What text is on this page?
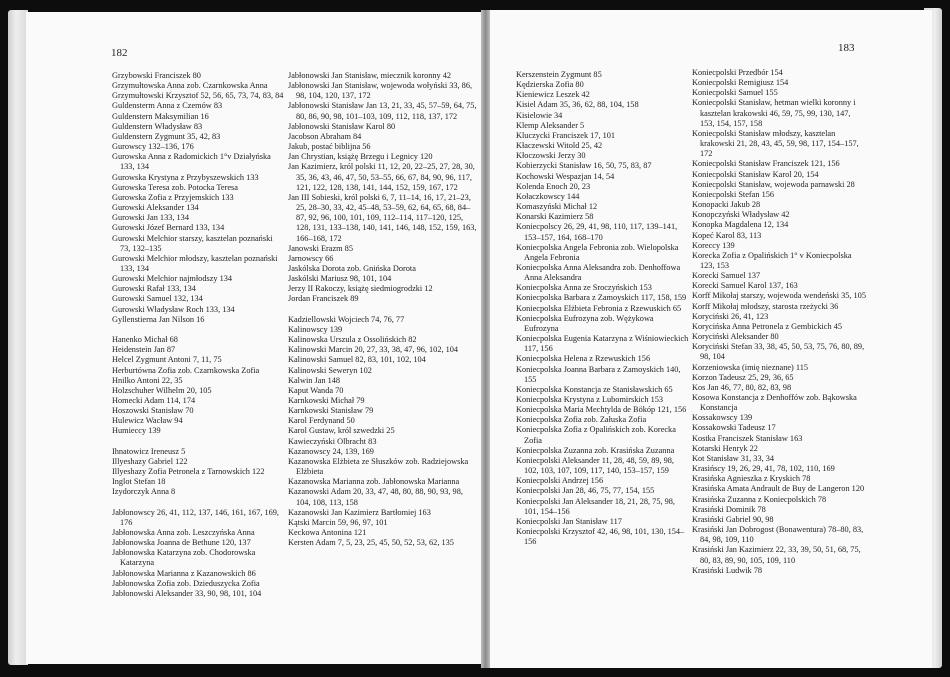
182
Grzybowski Franciszek 80
Grzymułtowska Anna zob. Czarnkowska Anna
Grzymułtowski Krzysztof 52, 56, 65, 73, 74, 83, 84
Guldensterm Anna z Czemów 83
Guldenstern Maksymilian 16
Guldenstern Władysław 83
Guldenstern Zygmunt 35, 42, 83
Gurowscy 132–136, 176
Gurowska Anna z Radomickich 1°v Działyńska 133, 134
Gurowska Krystyna z Przybyszewskich 133
Gurowska Teresa zob. Potocka Teresa
Gurowska Zofia z Przyjemskich 133
Gurowski Aleksander 134
Gurowski Jan 133, 134
Gurowski Józef Bernard 133, 134
Gurowski Melchior starszy, kasztelan poznański 73, 132–135
Gurowski Melchior młodszy, kasztelan poznański 133, 134
Gurowski Melchior najmłodszy 134
Gurowski Rafał 133, 134
Gurowski Samuel 132, 134
Gurowski Władysław Roch 133, 134
Gyllenstierna Jan Nilson 16
Hanenko Michał 68
Heidenstein Jan 87
Helcel Zygmunt Antoni 7, 11, 75
Herburtówna Zofia zob. Czarnkowska Zofia
Hnilko Antoni 22, 35
Holzschuher Wilhelm 20, 105
Homecki Adam 114, 174
Hoszowski Stanisław 70
Hulewicz Wacław 94
Humieccy 139
Ihnatowicz Ireneusz 5
Illyeshazy Gabriel 122
Illyeshazy Zofia Petronela z Tarnowskich 122
Inglot Stefan 18
Izydorczyk Anna 8
Jabłonowscy 26, 41, 112, 137, 146, 161, 167, 169, 176
Jabłonowska Anna zob. Leszczyńska Anna
Jabłonowska Joanna de Bethune 120, 137
Jabłonowska Katarzyna zob. Chodorowska Katarzyna
Jabłonowska Marianna z Kazanowskich 86
Jabłonowska Zofia zob. Dzieduszycka Zofia
Jabłonowski Aleksander 33, 90, 98, 101, 104
Jabłonowski Jan Stanisław, miecznik koronny 42
Jabłonowski Jan Stanisław, wojewoda wołyński 33, 86, 98, 104, 120, 137, 172
Jabłonowski Stanisław Jan 13, 21, 33, 45, 57–59, 64, 75, 80, 86, 90, 98, 101–103, 109, 112, 118, 137, 172
Jabłonowski Stanisław Karol 80
Jacobson Abraham 84
Jakub, postać biblijna 56
Jan Chrystian, książę Brzegu i Legnicy 120
Jan Kazimierz, król polski 11, 12, 20, 22–25, 27, 28, 30, 35, 36, 43, 46, 47, 50, 53–55, 66, 67, 84, 90, 96, 117, 121, 122, 128, 138, 141, 144, 152, 159, 167, 172
Jan III Sobieski, król polski 6, 7, 11–14, 16, 17, 21–23, 25, 28–30, 33, 42, 45–48, 53–59, 62, 64, 65, 68, 84–87, 92, 96, 100, 101, 109, 112–114, 117–120, 125, 128, 131, 133–138, 140, 141, 146, 148, 152, 159, 163, 166–168, 172
Janowski Erazm 85
Jarnowscy 66
Jaskólska Dorota zob. Gnińska Dorota
Jaskólski Mariusz 98, 101, 104
Jerzy II Rakoczy, książę siedmiogrodzki 12
Jordan Franciszek 89
Kadziellowski Wojciech 74, 76, 77
Kalinowscy 139
Kalinowska Urszula z Ossolińskich 82
Kalinowski Marcin 20, 27, 33, 38, 47, 96, 102, 104
Kalinowski Samuel 82, 83, 101, 102, 104
Kalinowski Seweryn 102
Kalwin Jan 148
Kaput Wanda 70
Karnkowski Michał 79
Karnkowski Stanisław 79
Karol Ferdynand 50
Karol Gustaw, król szwedzki 25
Kawieczyński Olbracht 83
Kazanowscy 24, 139, 169
Kazanowska Elżbieta ze Słuszków zob. Radziejowska Elżbieta
Kazanowska Marianna zob. Jabłonowska Marianna
Kazanowski Adam 20, 33, 47, 48, 80, 88, 90, 93, 98, 104, 108, 113, 158
Kazanowski Jan Kazimierz Bartłomiej 163
Kątski Marcin 59, 96, 97, 101
Keckowa Antonina 121
Kersten Adam 7, 5, 23, 25, 45, 50, 52, 53, 62, 135
183
Kerszenstein Zygmunt 85
Kędzierska Zofia 80
Kieniewicz Leszek 42
Kisiel Adam 35, 36, 62, 88, 104, 158
Kisielowie 34
Klemp Aleksander 5
Kluczycki Franciszek 17, 101
Kłaczewski Witold 25, 42
Kłoczowski Jerzy 30
Kobierzycki Stanisław 16, 50, 75, 83, 87
Kochowski Wespazjan 14, 54
Kolenda Enoch 20, 23
Kołaczkowscy 144
Komaszyński Michał 12
Konarski Kazimierz 58
Koniecpolscy 26, 29, 41, 98, 110, 117, 139–141, 153–157, 164, 168–170
Koniecpolska Angela Febronia zob. Wielopolska Angela Febronia
Koniecpolska Anna Aleksandra zob. Denhoffowa Anna Aleksandra
Koniecpolska Anna ze Sroczyńskich 153
Koniecpolska Barbara z Zamoyskich 117, 158, 159
Koniecpolska Elżbieta Febronia z Rzewuskich 65
Koniecpolska Eufrozyna zob. Wężykowa Eufrozyna
Koniecpolska Eugenia Katarzyna z Wiśniowieckich 117, 156
Koniecpolska Helena z Rzewuskich 156
Koniecpolska Joanna Barbara z Zamoyskich 140, 155
Koniecpolska Konstancja ze Stanisławskich 65
Koniecpolska Krystyna z Lubomirskich 153
Koniecpolska Maria Mechtylda de Bökóp 121, 156
Koniecpolska Zofia zob. Załuska Zofia
Koniecpolska Zofia z Opalińskich zob. Korecka Zofia
Koniecpolska Zuzanna zob. Krasińska Zuzanna
Koniecpolski Aleksander 11, 28, 48, 59, 89, 98, 102, 103, 107, 109, 117, 140, 153–157, 159
Koniecpolski Andrzej 156
Koniecpolski Jan 28, 46, 75, 77, 154, 155
Koniecpolski Jan Aleksander 18, 21, 28, 75, 98, 101, 154–156
Koniecpolski Jan Stanisław 117
Koniecpolski Krzysztof 42, 46, 98, 101, 130, 154–156
Koniecpolski Przedbór 154
Koniecpolski Remigiusz 154
Koniecpolski Samuel 155
Koniecpolski Stanisław, hetman wielki koronny i kasztelan krakowski 46, 59, 75, 99, 130, 147, 153, 154, 157, 158
Koniecpolski Stanisław młodszy, kasztelan krakowski 21, 28, 43, 45, 59, 98, 117, 154–157, 172
Koniecpolski Stanisław Franciszek 121, 156
Koniecpolski Stanisław Karol 20, 154
Koniecpolski Stanisław, wojewoda parnawski 28
Koniecpolski Stefan 156
Konopacki Jakub 28
Konopczyński Władysław 42
Konopka Magdalena 12, 134
Kopeć Karol 83, 113
Koreccy 139
Korecka Zofia z Opalińskich 1° v Koniecpolska 123, 153
Korecki Samuel 137
Korecki Samuel Karol 137, 163
Korff Mikołaj starszy, wojewoda wendeński 35, 105
Korff Mikołaj młodszy, starosta rzeżycki 36
Koryciński 26, 41, 123
Korycińska Anna Petronela z Gembickich 45
Koryciński Aleksander 80
Koryciński Stefan 33, 38, 45, 50, 53, 75, 76, 80, 89, 98, 104
Korzeniowska (imię nieznane) 115
Korzon Tadeusz 25, 29, 36, 65
Kos Jan 46, 77, 80, 82, 83, 98
Kosowa Konstancja z Denhoffów zob. Bąkowska Konstancja
Kossakowscy 139
Kossakowski Tadeusz 17
Kostka Franciszek Stanisław 163
Kotarski Henryk 22
Kot Stanisław 31, 33, 34
Krasińscy 19, 26, 29, 41, 78, 102, 110, 169
Krasińska Agnieszka z Kryskich 78
Krasińska Amata Andrault de Buy de Langeron 120
Krasińska Zuzanna z Koniecpolskich 78
Krasiński Dominik 78
Krasiński Gabriel 90, 98
Krasiński Jan Dobrogost (Bonawentura) 78–80, 83, 84, 98, 109, 110
Krasiński Jan Kazimierz 22, 33, 39, 50, 51, 68, 75, 80, 83, 89, 90, 105, 109, 110
Krasiński Ludwik 78
